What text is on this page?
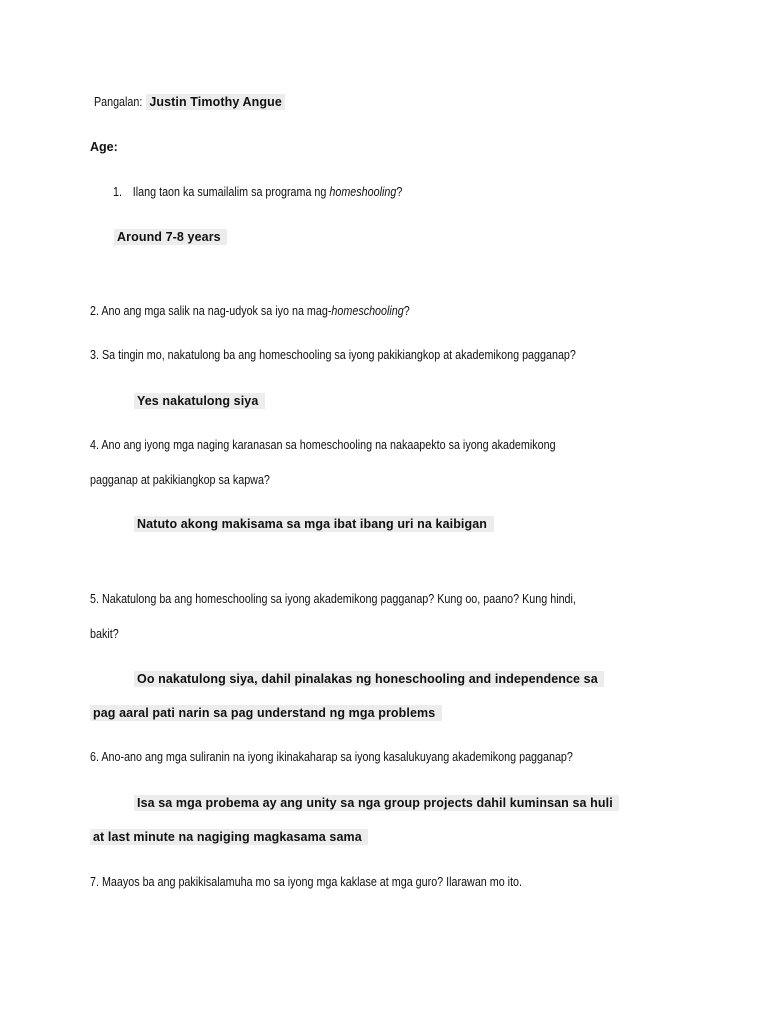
Pangalan:Justin Timothy Angue
Age:
1. Ilang taon ka sumailalim sa programa ng homeshooling?
Around 7-8 years
2. Ano ang mga salik na nag-udyok sa iyo na mag-homeschooling?
3. Sa tingin mo, nakatulong ba ang homeschooling sa iyong pakikiangkop at akademikong pagganap?
Yes nakatulong siya
4. Ano ang iyong mga naging karanasan sa homeschooling na nakaapekto sa iyong akademikong
pagganap at pakikiangkop sa kapwa?
Natuto akong makisama sa mga ibat ibang uri na kaibigan
5. Nakatulong ba ang homeschooling sa iyong akademikong pagganap? Kung oo, paano? Kung hindi,
bakit?
Oo nakatulong siya, dahil pinalakas ng honeschooling and independence sa
pag aaral pati narin sa pag understand ng mga problems
6. Ano-ano ang mga suliranin na iyong ikinakaharap sa iyong kasalukuyang akademikong pagganap?
Isa sa mga probema ay ang unity sa nga group projects dahil kuminsan sa huli
at last minute na nagiging magkasama sama
7. Maayos ba ang pakikisalamuha mo sa iyong mga kaklase at mga guro? Ilarawan mo ito.
